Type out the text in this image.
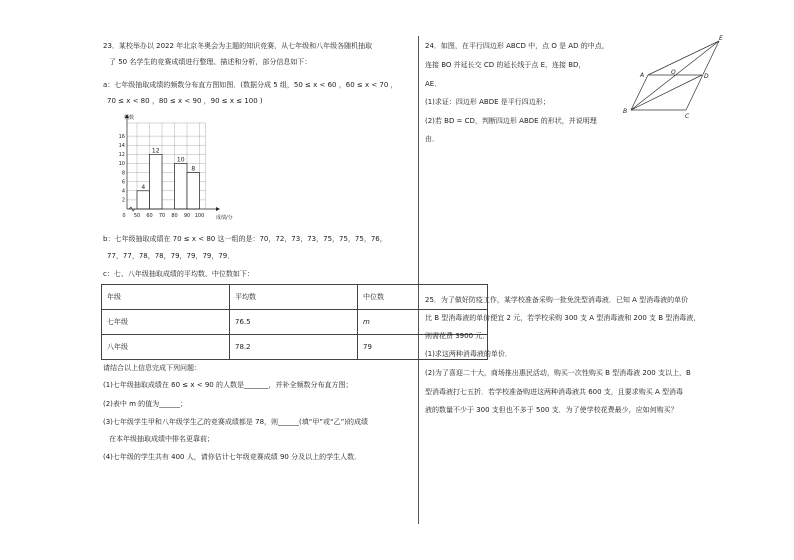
23．某校举办以 2022 年北京冬奥会为主题的知识竞赛，从七年级和八年级各随机抽取
了 50 名学生的竞赛成绩进行整理、描述和分析，部分信息如下：
a：七年级抽取成绩的频数分布直方图如图．(数据分成 5 组，50 ≤ x < 60 ，60 ≤ x < 70 ，
70 ≤ x < 80 ，80 ≤ x < 90 ，90 ≤ x ≤ 100 )
4
12
10
8
2
4
6
8
10
12
14
16
0 50 60 70 80 90 100
频数
成绩/分
b：七年级抽取成绩在 70 ≤ x < 80 这一组的是：70，72，73，73，75，75，75，76，
77，77，78，78，79，79，79，79．
c：七、八年级抽取成绩的平均数、中位数如下：
年级	平均数	中位数
七年级	76.5	m
八年级	78.2	79
请结合以上信息完成下列问题：
(1)七年级抽取成绩在 60 ≤ x < 90 的人数是_______，并补全频数分布直方图；
(2)表中 m 的值为______；
(3)七年级学生甲和八年级学生乙的竞赛成绩都是 78，则______(填“甲”或“乙”)的成绩
在本年级抽取成绩中排名更靠前；
(4)七年级的学生共有 400 人，请你估计七年级竞赛成绩 90 分及以上的学生人数．
24．如图，在平行四边形 ABCD 中，点 O 是 AD 的中点，
连接 BO 并延长交 CD 的延长线于点 E，连接 BD，
AE．
(1)求证：四边形 ABDE 是平行四边形；
(2)若 BD = CD，判断四边形 ABDE 的形状，并说明理
由．
E
A	O
D
B
C
25．为了做好防疫工作，某学校准备采购一批免洗型消毒液．已知 A 型消毒液的单价
比 B 型消毒液的单价便宜 2 元，若学校采购 300 支 A 型消毒液和 200 支 B 型消毒液，
则需花费 3900 元．
(1)求这两种消毒液的单价．
(2)为了喜迎二十大，商场推出惠民活动，购买一次性购买 B 型消毒液 200 支以上，B
型消毒液打七五折．若学校准备购进这两种消毒液共 600 支，且要求购买 A 型消毒
液的数量不少于 300 支但也不多于 500 支．为了使学校花费最少，应如何购买？
